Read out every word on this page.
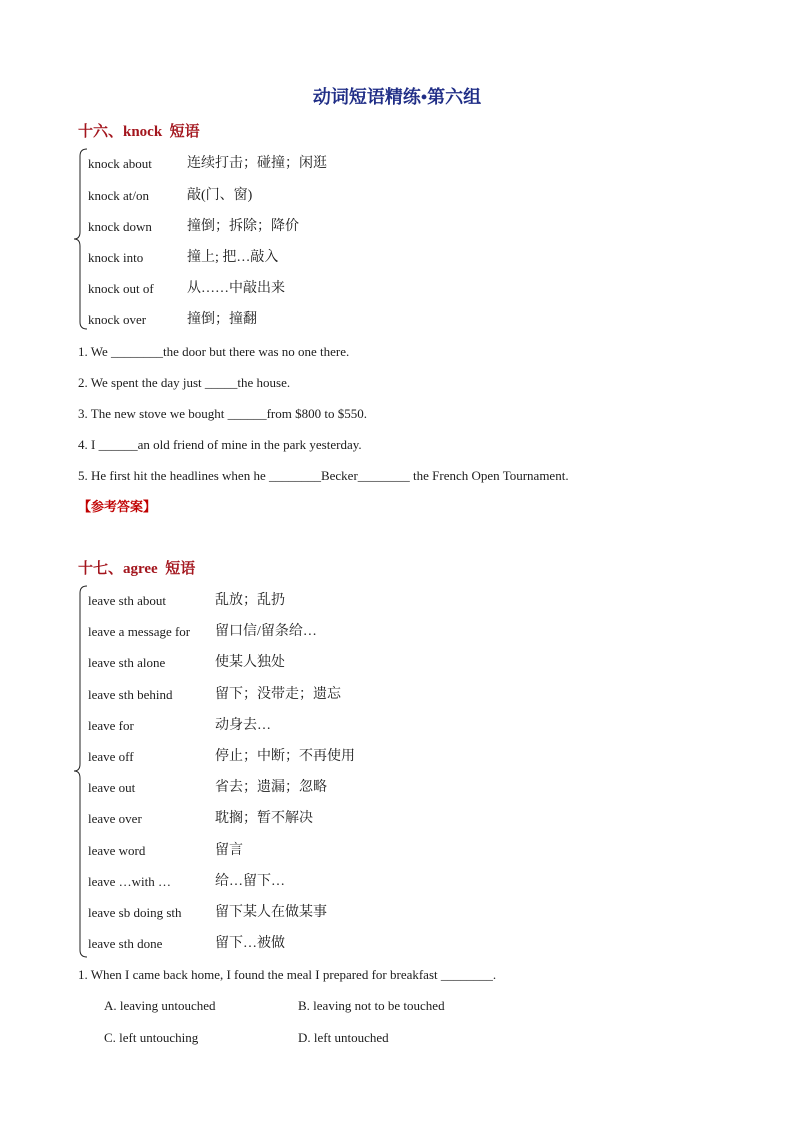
动词短语精练•第六组
十六、knock  短语
knock about	连续打击；碰撞；闲逛
knock at/on	敲(门、窗)
knock down	撞倒；拆除；降价
knock into	撞上; 把…敲入
knock out of 从……中敲出来
knock over	撞倒；撞翻
1. We ________the door but there was no one there.
2. We spent the day just _____the house.
3. The new stove we bought ______from $800 to $550.
4. I ______an old friend of mine in the park yesterday.
5. He first hit the headlines when he ________Becker________ the French Open Tournament.
【参考答案】
十七、agree  短语
leave sth about	乱放；乱扔
leave a message for 留口信/留条给…
leave sth alone	使某人独处
leave sth behind	留下；没带走；遗忘
leave for	动身去…
leave off	停止；中断；不再使用
leave out	省去；遗漏；忽略
leave over	耽搁；暂不解决
leave word	留言
leave …with …	给…留下…
leave sb doing sth 留下某人在做某事
leave sth done	留下…被做
1. When I came back home, I found the meal I prepared for breakfast ________.
A. leaving untouched	B. leaving not to be touched
C. left untouching	D. left untouched
